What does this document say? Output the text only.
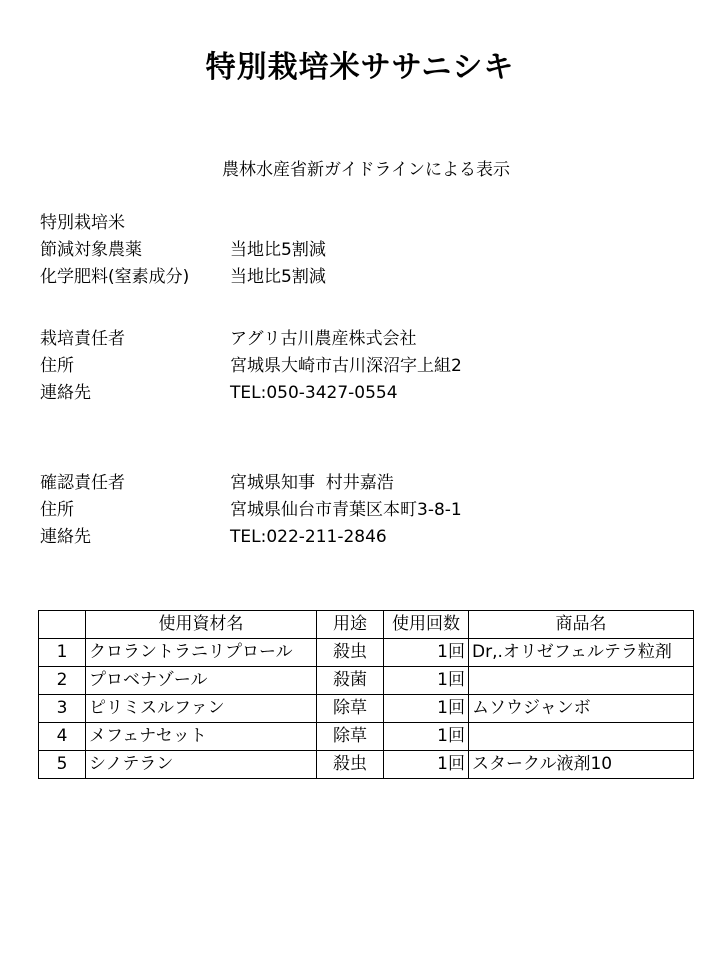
特別栽培米ササニシキ
農林水産省新ガイドラインによる表示
特別栽培米
節減対象農薬	当地比5割減
化学肥料(窒素成分) 当地比5割減
栽培責任者	アグリ古川農産株式会社
住所	宮城県大崎市古川深沼字上組2
連絡先	TEL:050-3427-0554
確認責任者	宮城県知事  村井嘉浩
住所	宮城県仙台市青葉区本町3-8-1
連絡先	TEL:022-211-2846
	使用資材名	用途	使用回数	商品名
1	クロラントラニリプロール	殺虫	1回	Dr,.オリゼフェルテラ粒剤
2	プロベナゾール	殺菌	1回	
3	ピリミスルファン	除草	1回	ムソウジャンボ
4	メフェナセット	除草	1回	
5	シノテラン	殺虫	1回	スタークル液剤10
